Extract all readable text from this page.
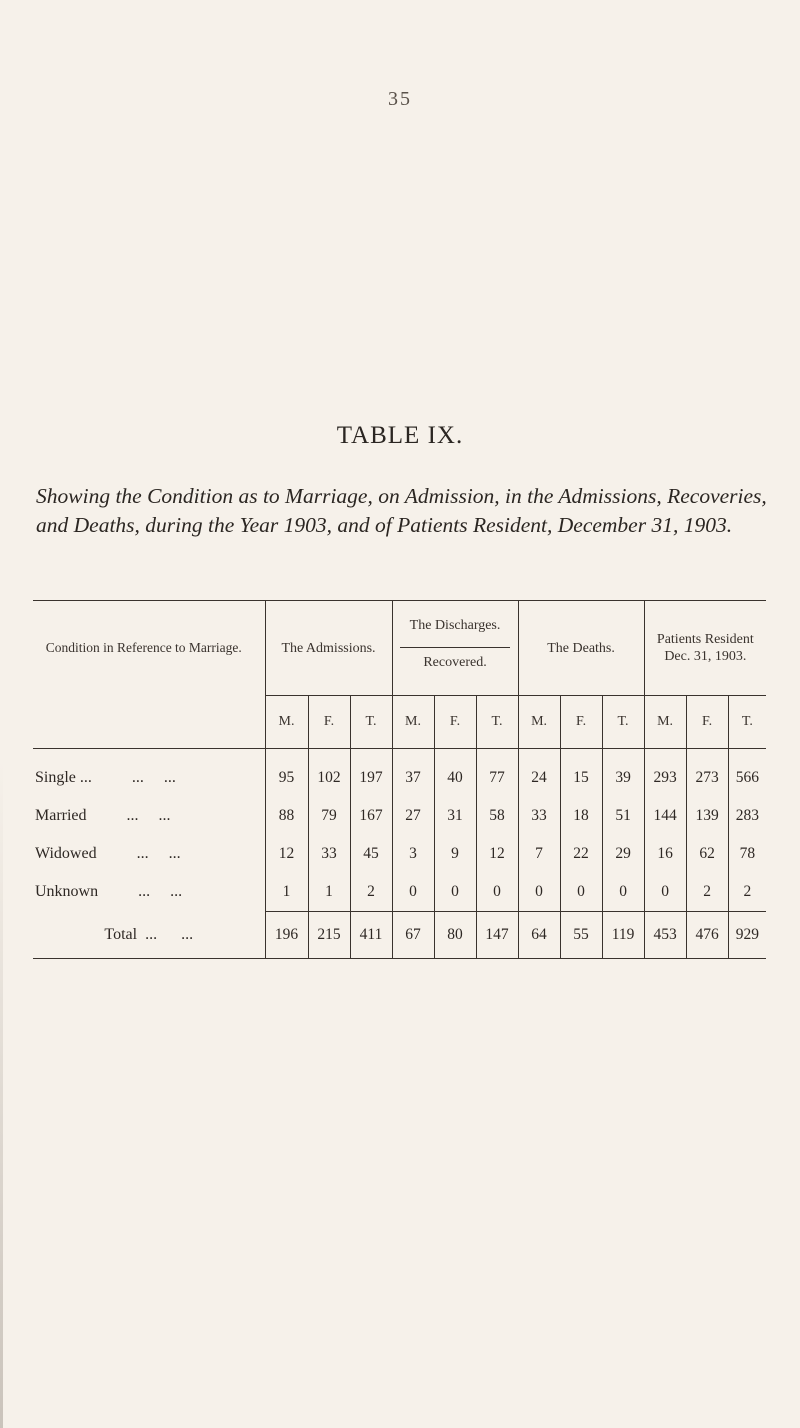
35
TABLE IX.
Showing the Condition as to Marriage, on Admission, in the Admissions, Recoveries, and Deaths, during the Year 1903, and of Patients Resident, December 31, 1903.
Condition in Reference to Marriage.	The Admissions.			The Discharges.			The Deaths.			Patients Resident Dec. 31, 1903.		

Recovered.								
	M.	F.	T.	M.	F.	T.	M.	F.	T.	M.	F.	T.

Single ...          ...     ...	95	102	197	37	40	77	24	15	39	293	273	566
Married          ...     ...	88	79	167	27	31	58	33	18	51	144	139	283
Widowed          ...     ...	12	33	45	3	9	12	7	22	29	16	62	78
Unknown          ...     ...	1	1	2	0	0	0	0	0	0	0	2	2
Total  ...      ...	196	215	411	67	80	147	64	55	119	453	476	929
